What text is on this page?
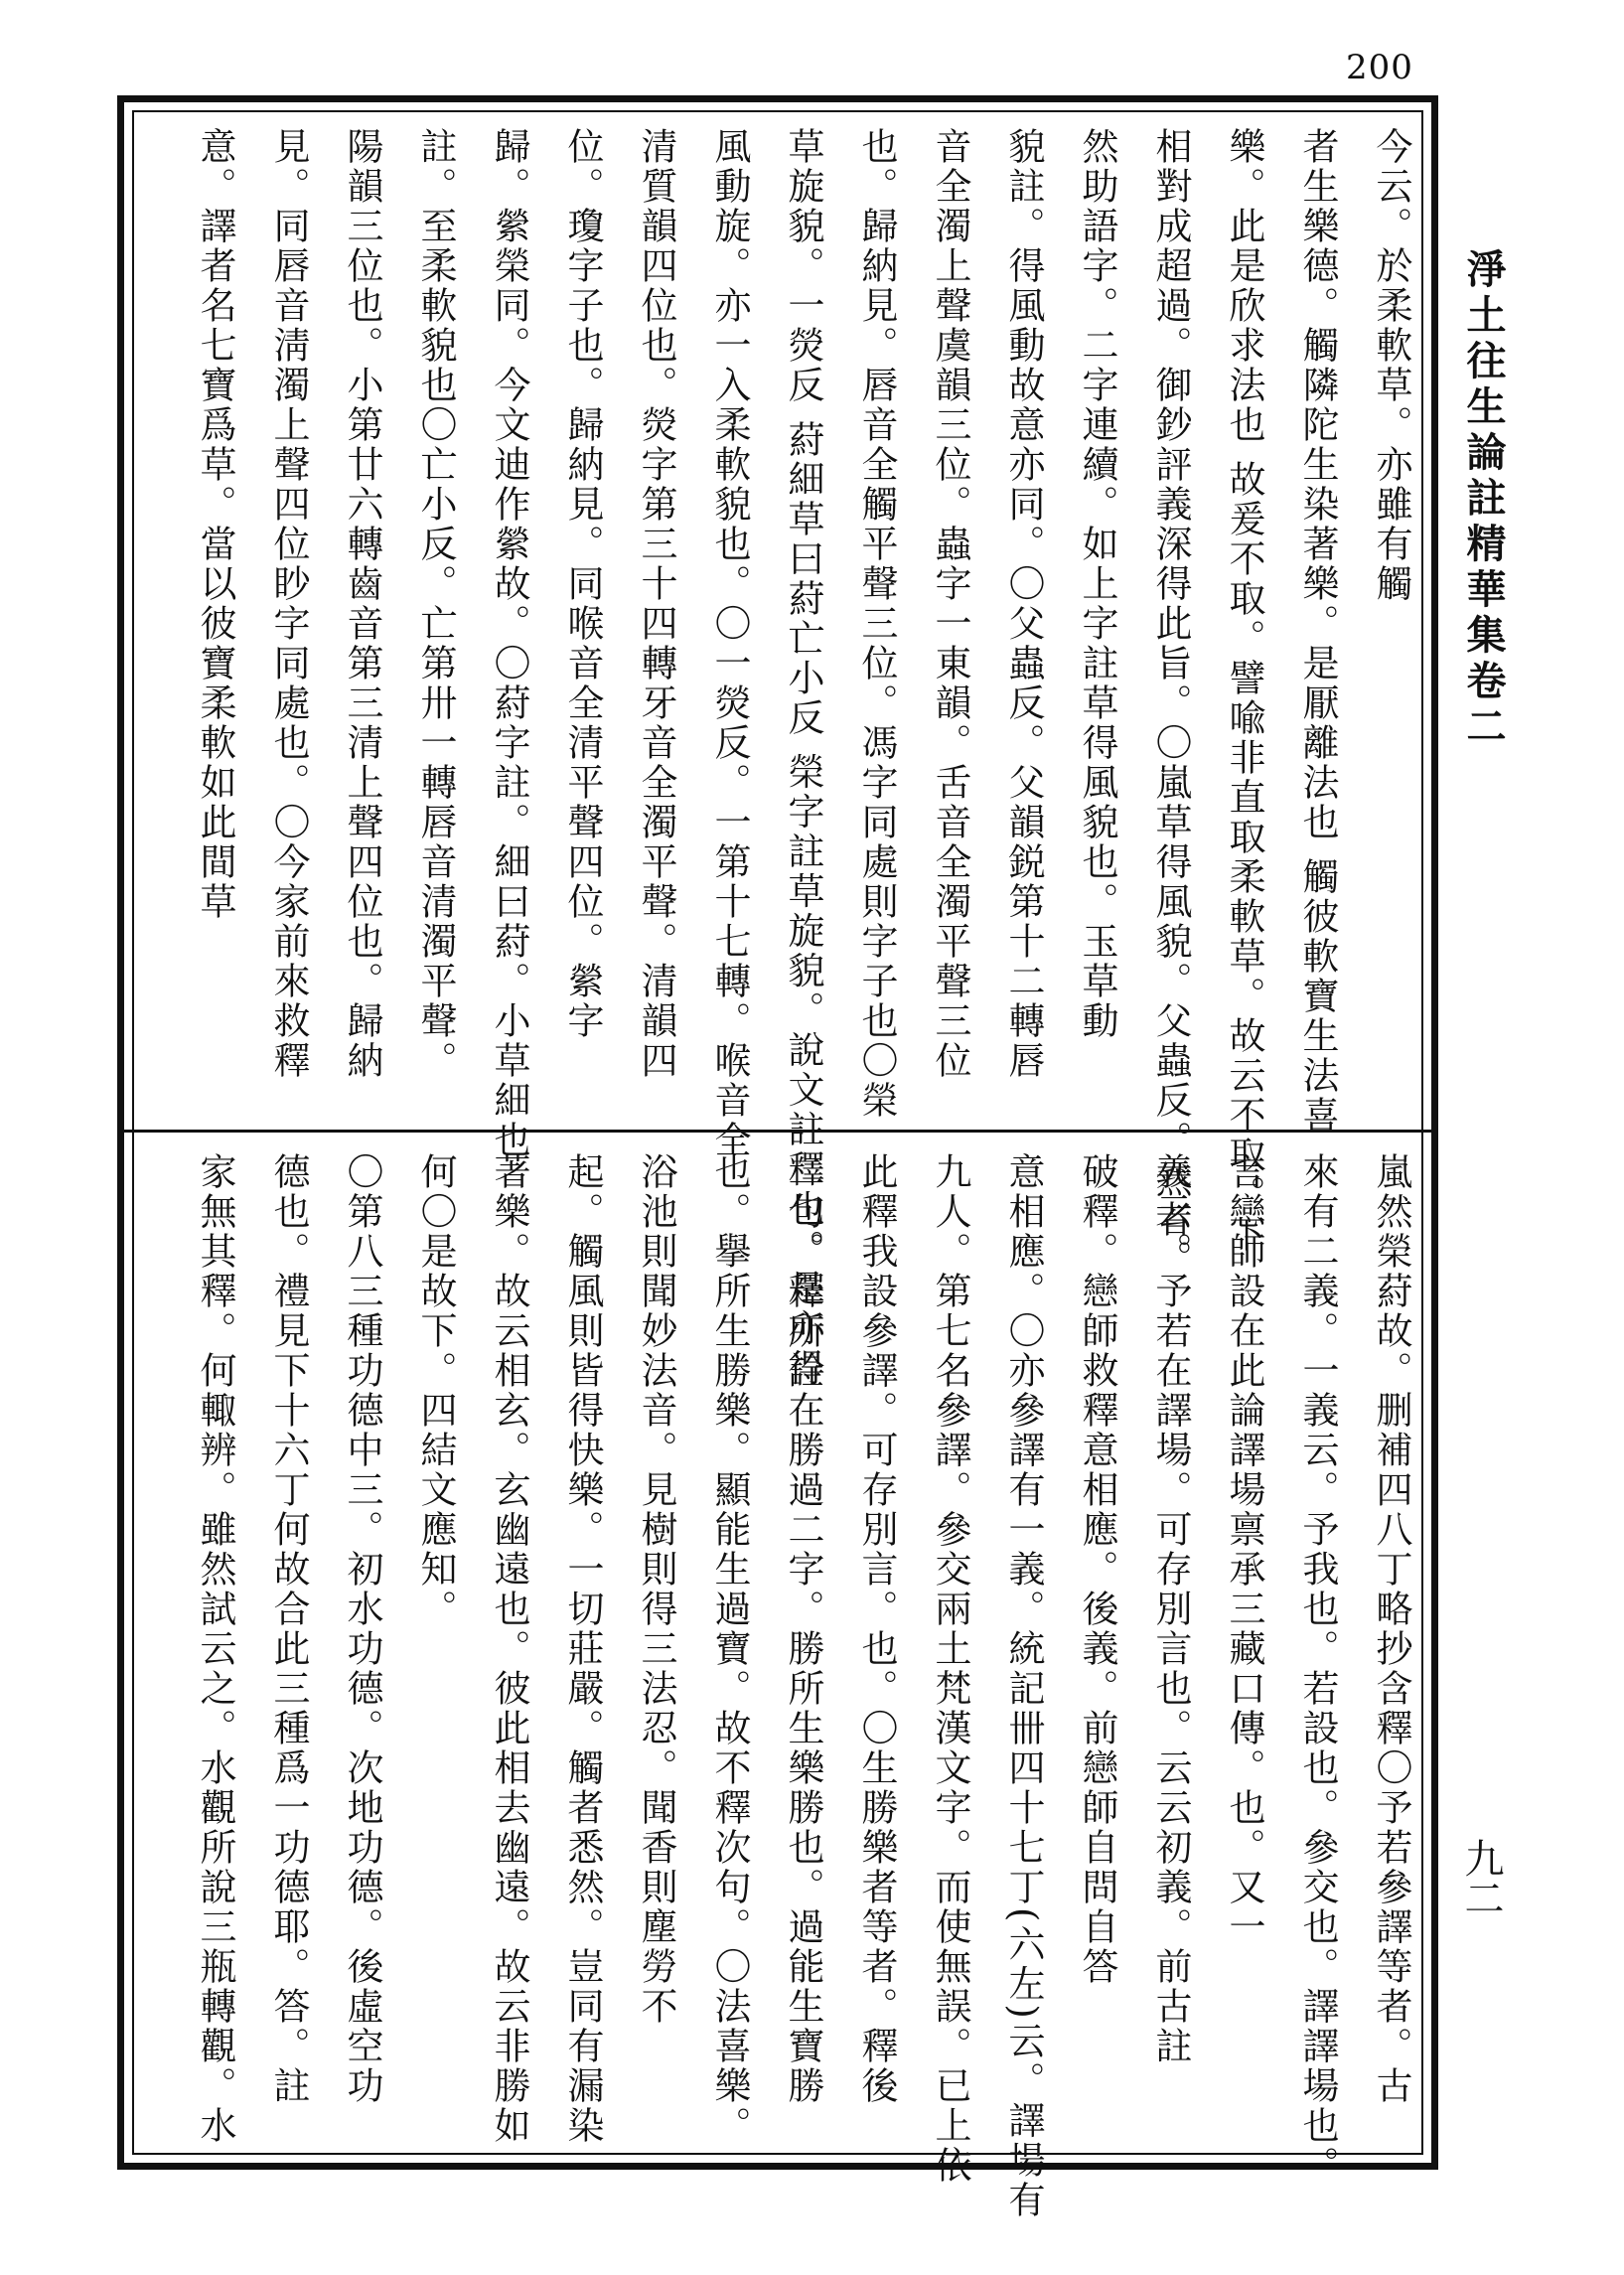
200
淨土往生論註精華集卷二
九二
今云。於柔軟草。亦雖有觸
者生樂德。觸隣陀生染著樂。是厭離法也 觸彼軟寶生法喜
樂。此是欣求法也 故爰不取。譬喩非直取柔軟草。故云不取。下
相對成超過。御鈔評義深得此旨。〇嵐草得風貌。父蟲反。然者。
然助語字。二字連續。如上字註草得風貌也。玉草動
貌註。得風動故意亦同。〇父蟲反。父韻鋭第十二轉唇
音全濁上聲虞韻三位。蟲字一東韻。舌音全濁平聲三位
也。歸納見。唇音全觸平聲三位。馮字同處則字子也〇榮
草旋貌。一熒反 葤細草曰葤亡小反 榮字註草旋貌。說文註釋也。是亦得
風動旋。亦一入柔軟貌也。〇一熒反。一第十七轉。喉音全
清質韻四位也。熒字第三十四轉牙音全濁平聲。清韻四
位。瓊字子也。歸納見。同喉音全清平聲四位。縈字
歸。縈榮同。今文迪作縈故。〇葤字註。細曰葤。小草細也
註。至柔軟貌也〇亡小反。亡第卅一轉唇音清濁平聲。
陽韻三位也。小第廿六轉齒音第三清上聲四位也。歸納
見。同唇音淸濁上聲四位眇字同處也。〇今家前來救釋
意。譯者名七寶爲草。當以彼寶柔軟如此間草
嵐然榮葤故。删補四八丁略抄含釋〇予若參譯等者。古
來有二義。一義云。予我也。若設也。參交也。譯譯場也。
言戀師設在此論譯場禀承三藏口傳。也。又一
義云。予若在譯場。可存別言也。云云初義。前古註
破釋。戀師救釋意相應。後義。前戀師自問自答
意相應。〇亦參譯有一義。統記卌四十七丁(六左)云。譯場有
九人。第七名參譯。參交兩土梵漢文字。而使無誤。已上依
此釋我設參譯。可存別言。也。〇生勝樂者等者。釋後
二句。釋所詮在勝過二字。勝所生樂勝也。過能生寶勝
也。擧所生勝樂。顯能生過寶。故不釋次句。〇法喜樂。
浴池則聞妙法音。見樹則得三法忍。聞香則塵勞不
起。觸風則皆得快樂。一切莊嚴。觸者悉然。豈同有漏染
著樂。故云相玄。玄幽遠也。彼此相去幽遠。故云非勝如
何〇是故下。四結文應知。
〇第八三種功德中三。初水功德。次地功德。後虛空功
德也。禮見下十六丁何故合此三種爲一功德耶。答。註
家無其釋。何輙辨。雖然試云之。水觀所說三瓶轉觀。水
